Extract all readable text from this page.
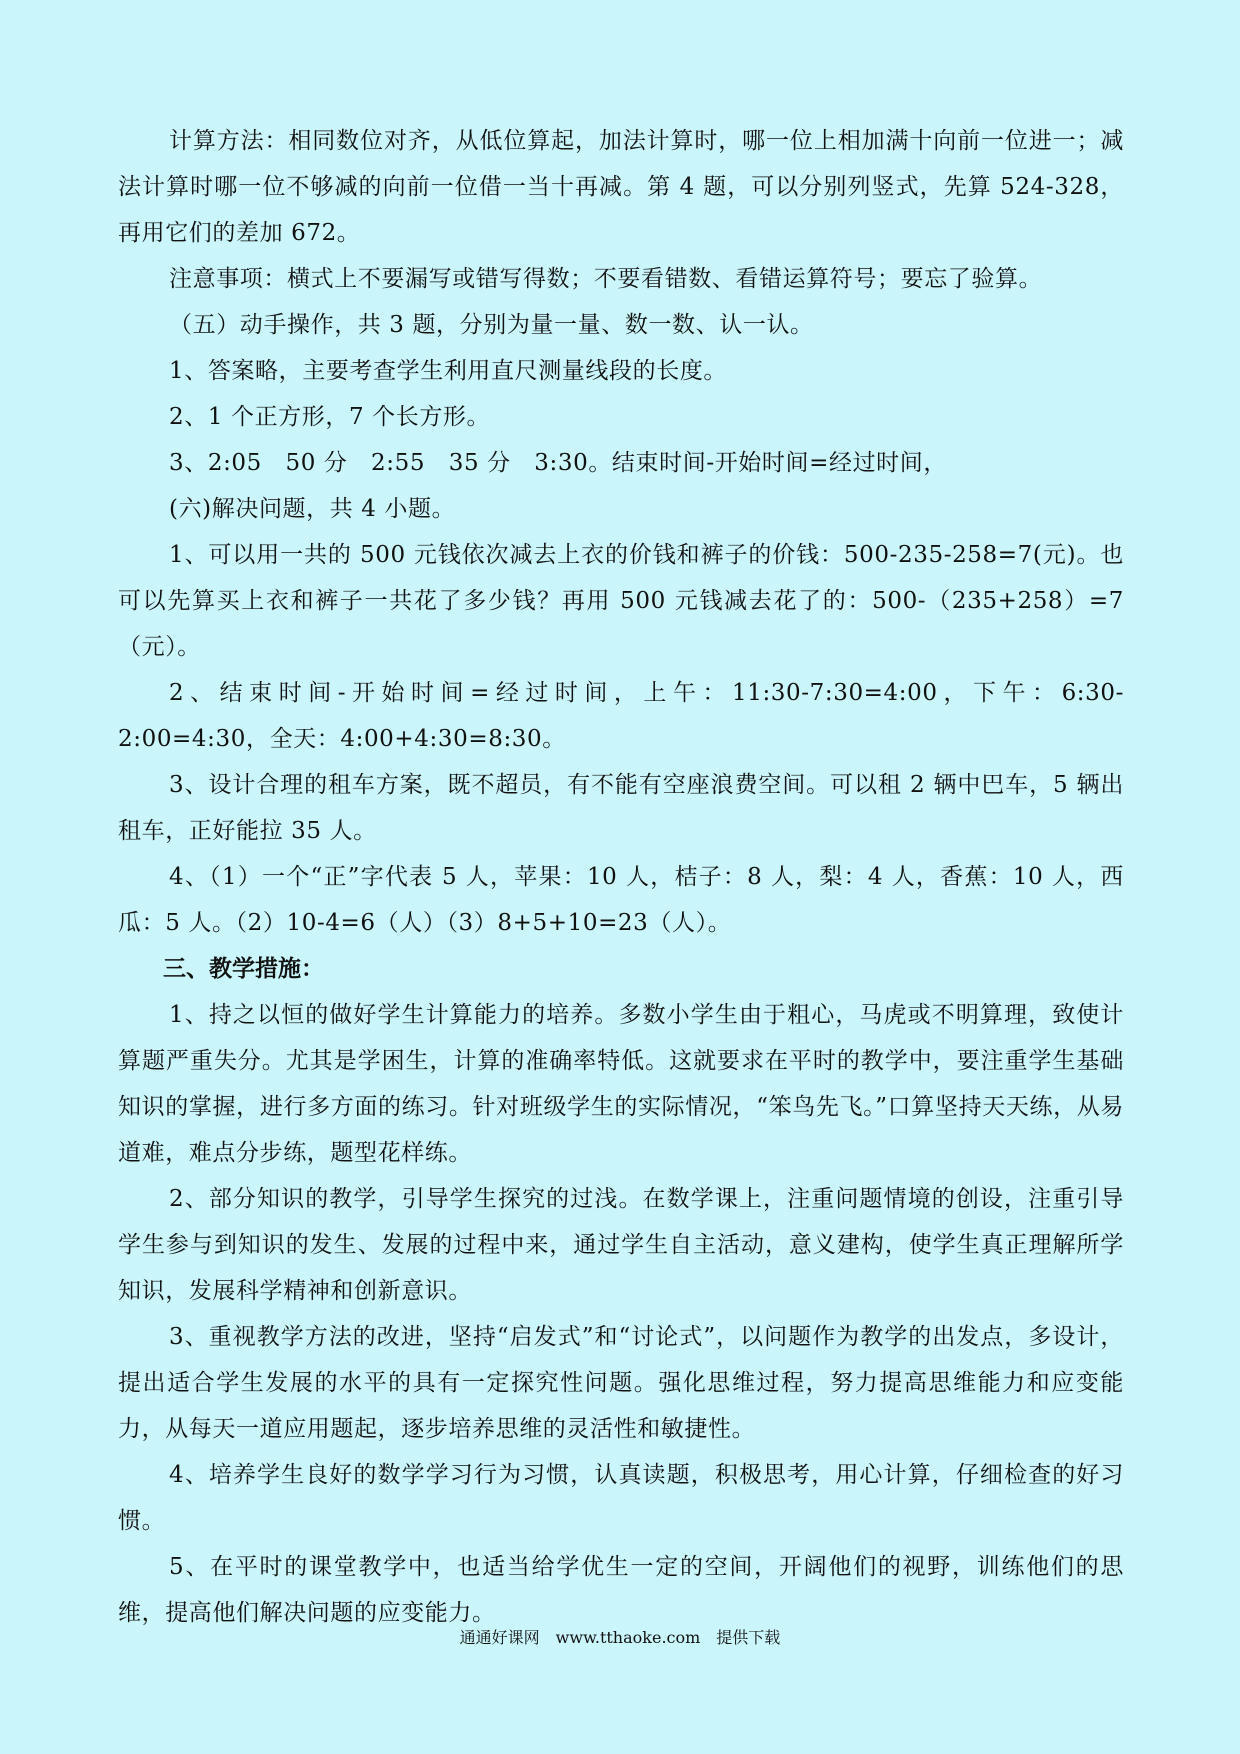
计算方法：相同数位对齐，从低位算起，加法计算时，哪一位上相加满十向前一位进一；减法计算时哪一位不够减的向前一位借一当十再减。第 4 题，可以分别列竖式，先算 524-328，再用它们的差加 672。

注意事项：横式上不要漏写或错写得数；不要看错数、看错运算符号；要忘了验算。

（五）动手操作，共 3 题，分别为量一量、数一数、认一认。

1、答案略，主要考查学生利用直尺测量线段的长度。

2、1 个正方形，7 个长方形。

3、2:05　50 分　2:55　35 分　3:30。结束时间-开始时间=经过时间，

(六)解决问题，共 4 小题。

1、可以用一共的 500 元钱依次减去上衣的价钱和裤子的价钱：500-235-258=7(元)。也可以先算买上衣和裤子一共花了多少钱？再用 500 元钱减去花了的：500-（235+258）=7（元）。

2、结束时间-开始时间=经过时间，上午：11:30-7:30=4:00，下午：6:30-2:00=4:30，全天：4:00+4:30=8:30。

3、设计合理的租车方案，既不超员，有不能有空座浪费空间。可以租 2 辆中巴车，5 辆出租车，正好能拉 35 人。

4、（1）一个“正”字代表 5 人，苹果：10 人，桔子：8 人，梨：4 人，香蕉：10 人，西瓜：5 人。（2）10-4=6（人）（3）8+5+10=23（人）。

三、教学措施：

1、持之以恒的做好学生计算能力的培养。多数小学生由于粗心，马虎或不明算理，致使计算题严重失分。尤其是学困生，计算的准确率特低。这就要求在平时的教学中，要注重学生基础知识的掌握，进行多方面的练习。针对班级学生的实际情况，“笨鸟先飞。”口算坚持天天练，从易道难，难点分步练，题型花样练。

2、部分知识的教学，引导学生探究的过浅。在数学课上，注重问题情境的创设，注重引导学生参与到知识的发生、发展的过程中来，通过学生自主活动，意义建构，使学生真正理解所学知识，发展科学精神和创新意识。

3、重视教学方法的改进，坚持“启发式”和“讨论式”，以问题作为教学的出发点，多设计，提出适合学生发展的水平的具有一定探究性问题。强化思维过程，努力提高思维能力和应变能力，从每天一道应用题起，逐步培养思维的灵活性和敏捷性。

4、培养学生良好的数学学习行为习惯，认真读题，积极思考，用心计算，仔细检查的好习惯。

5、在平时的课堂教学中，也适当给学优生一定的空间，开阔他们的视野，训练他们的思维，提高他们解决问题的应变能力。

通通好课网　www.tthaoke.com　提供下载
